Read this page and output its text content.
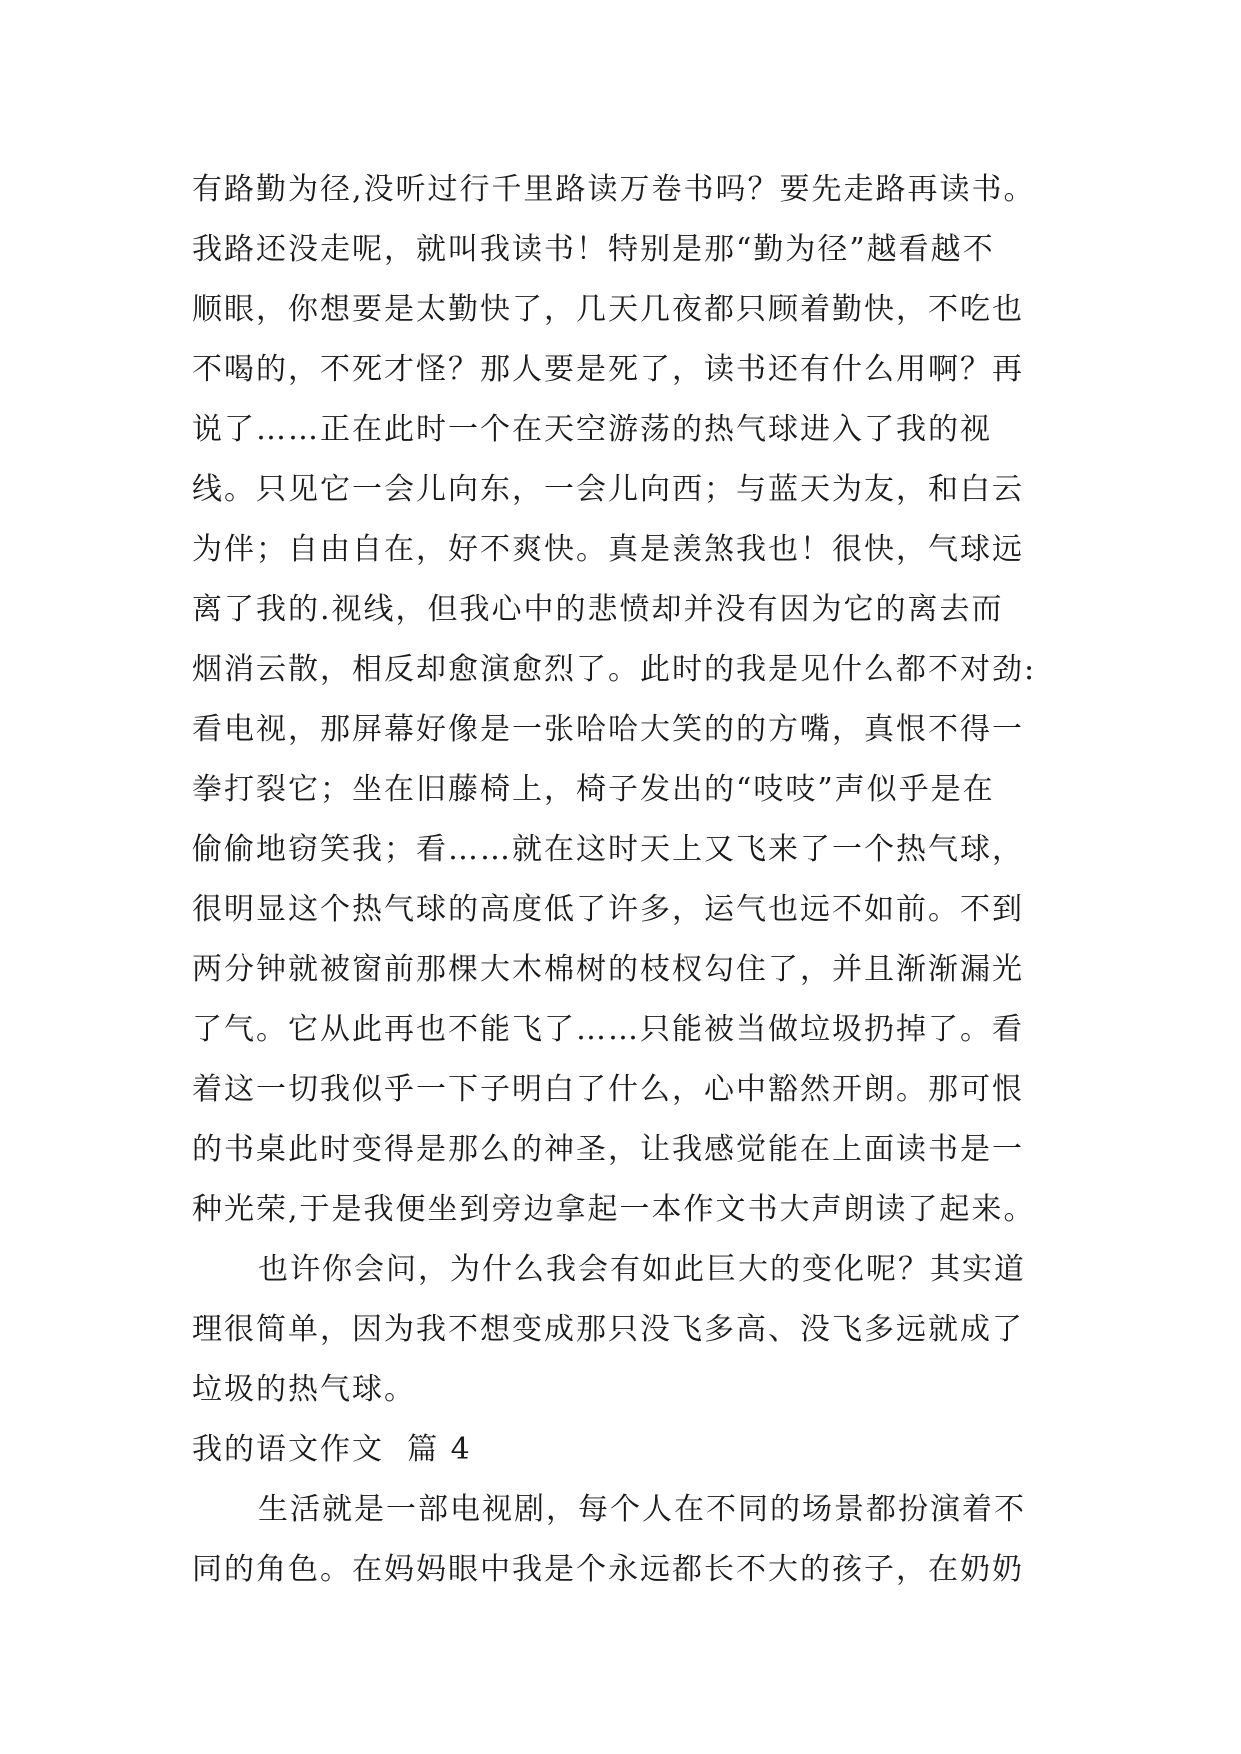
有路勤为径,没听过行千里路读万卷书吗？要先走路再读书。
我路还没走呢，就叫我读书！特别是那“勤为径”越看越不
顺眼，你想要是太勤快了，几天几夜都只顾着勤快，不吃也
不喝的，不死才怪？那人要是死了，读书还有什么用啊？再
说了……正在此时一个在天空游荡的热气球进入了我的视
线。只见它一会儿向东，一会儿向西；与蓝天为友，和白云
为伴；自由自在，好不爽快。真是羡煞我也！很快，气球远
离了我的.视线，但我心中的悲愤却并没有因为它的离去而
烟消云散，相反却愈演愈烈了。此时的我是见什么都不对劲:
看电视，那屏幕好像是一张哈哈大笑的的方嘴，真恨不得一
拳打裂它；坐在旧藤椅上，椅子发出的“吱吱”声似乎是在
偷偷地窃笑我；看……就在这时天上又飞来了一个热气球，
很明显这个热气球的高度低了许多，运气也远不如前。不到
两分钟就被窗前那棵大木棉树的枝杈勾住了，并且渐渐漏光
了气。它从此再也不能飞了……只能被当做垃圾扔掉了。看
着这一切我似乎一下子明白了什么，心中豁然开朗。那可恨
的书桌此时变得是那么的神圣，让我感觉能在上面读书是一
种光荣,于是我便坐到旁边拿起一本作文书大声朗读了起来。
也许你会问，为什么我会有如此巨大的变化呢？其实道
理很简单，因为我不想变成那只没飞多高、没飞多远就成了
垃圾的热气球。
我的语文作文  篇 4
生活就是一部电视剧，每个人在不同的场景都扮演着不
同的角色。在妈妈眼中我是个永远都长不大的孩子，在奶奶
